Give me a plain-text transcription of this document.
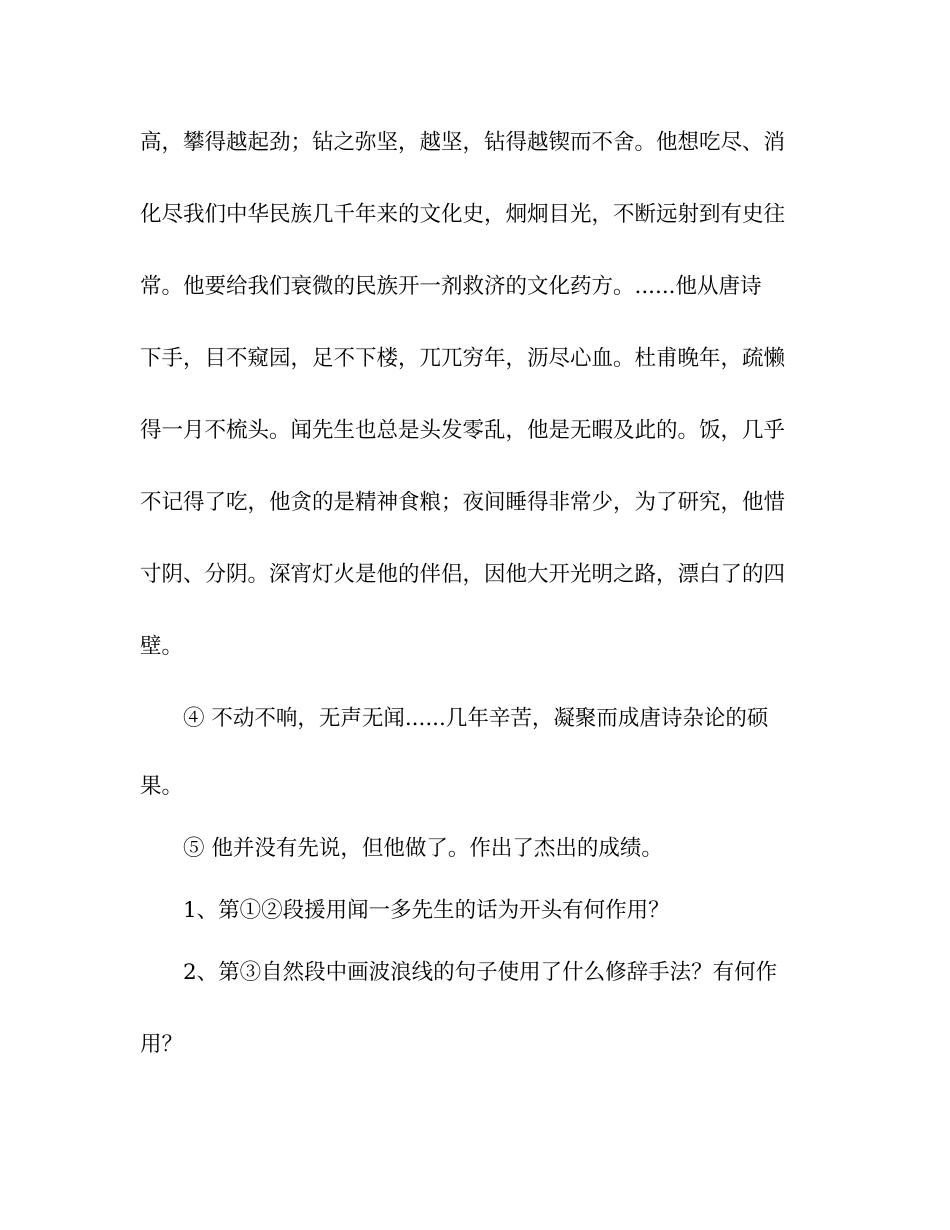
高，攀得越起劲；钻之弥坚，越坚，钻得越锲而不舍。他想吃尽、消
化尽我们中华民族几千年来的文化史，炯炯目光，不断远射到有史往
常。他要给我们衰微的民族开一剂救济的文化药方。......他从唐诗
下手，目不窥园，足不下楼，兀兀穷年，沥尽心血。杜甫晚年，疏懒
得一月不梳头。闻先生也总是头发零乱，他是无暇及此的。饭，几乎
不记得了吃，他贪的是精神食粮；夜间睡得非常少，为了研究，他惜
寸阴、分阴。深宵灯火是他的伴侣，因他大开光明之路，漂白了的四
壁。
④ 不动不响，无声无闻......几年辛苦，凝聚而成唐诗杂论的硕
果。
⑤ 他并没有先说，但他做了。作出了杰出的成绩。
1、第①②段援用闻一多先生的话为开头有何作用？
2、第③自然段中画波浪线的句子使用了什么修辞手法？有何作
用？
